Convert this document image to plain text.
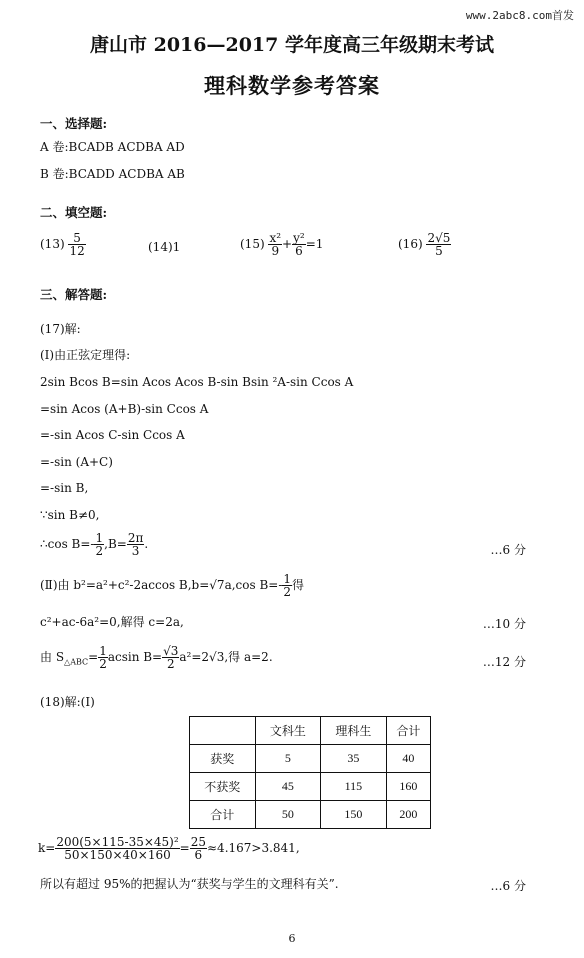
www.2abc8.com首发
唐山市 2016—2017 学年度高三年级期末考试
理科数学参考答案
一、选择题:
A 卷:BCADB ACDBA AD
B 卷:BCADD ACDBA AB
二、填空题:
$(13) \frac{5}{12}$	(14)1	$(15) \frac{\text{x²}}{9} + \frac{\text{y²}}{6} =1$	$(16) \frac{2√5}{5}$
三、解答题:
(17)解:
(Ⅰ)由正弦定理得:
2sin Bcos B=sin Acos Acos B-sin Bsin ²A-sin Ccos A
=sin Acos (A+B)-sin Ccos A
=-sin Acos C-sin Ccos A
=-sin (A+C)
=-sin B,
∵sin B≠0,
∴cos $B=- \frac{1}{2} ,B= \frac{2\pi}{3}$ .	…6 分
(Ⅱ)由 b²=a²+c²-2accos B,b=√7a,cos $B=- \frac{1}{2}$ 得
c²+ac-6a²=0,解得 c=2a,	…10 分
由 $S_{\triangle ABC}= \frac{1}{2}$ acsin $B= \frac{√3}{2} a^2=2√3$,得 a=2.	…12 分
(18)解:(Ⅰ)
	文科生	理科生	合计
获奖	5	35	40
不获奖	45	115	160
合计	50	150	200
$k= \frac{\text{200(5×115-35×45)²}}{50\times 150\times 40\times 160} = \frac{25}{6} \approx 4.167>3.841$,
所以有超过 95%的把握认为“获奖与学生的文理科有关”.	…6 分
6
